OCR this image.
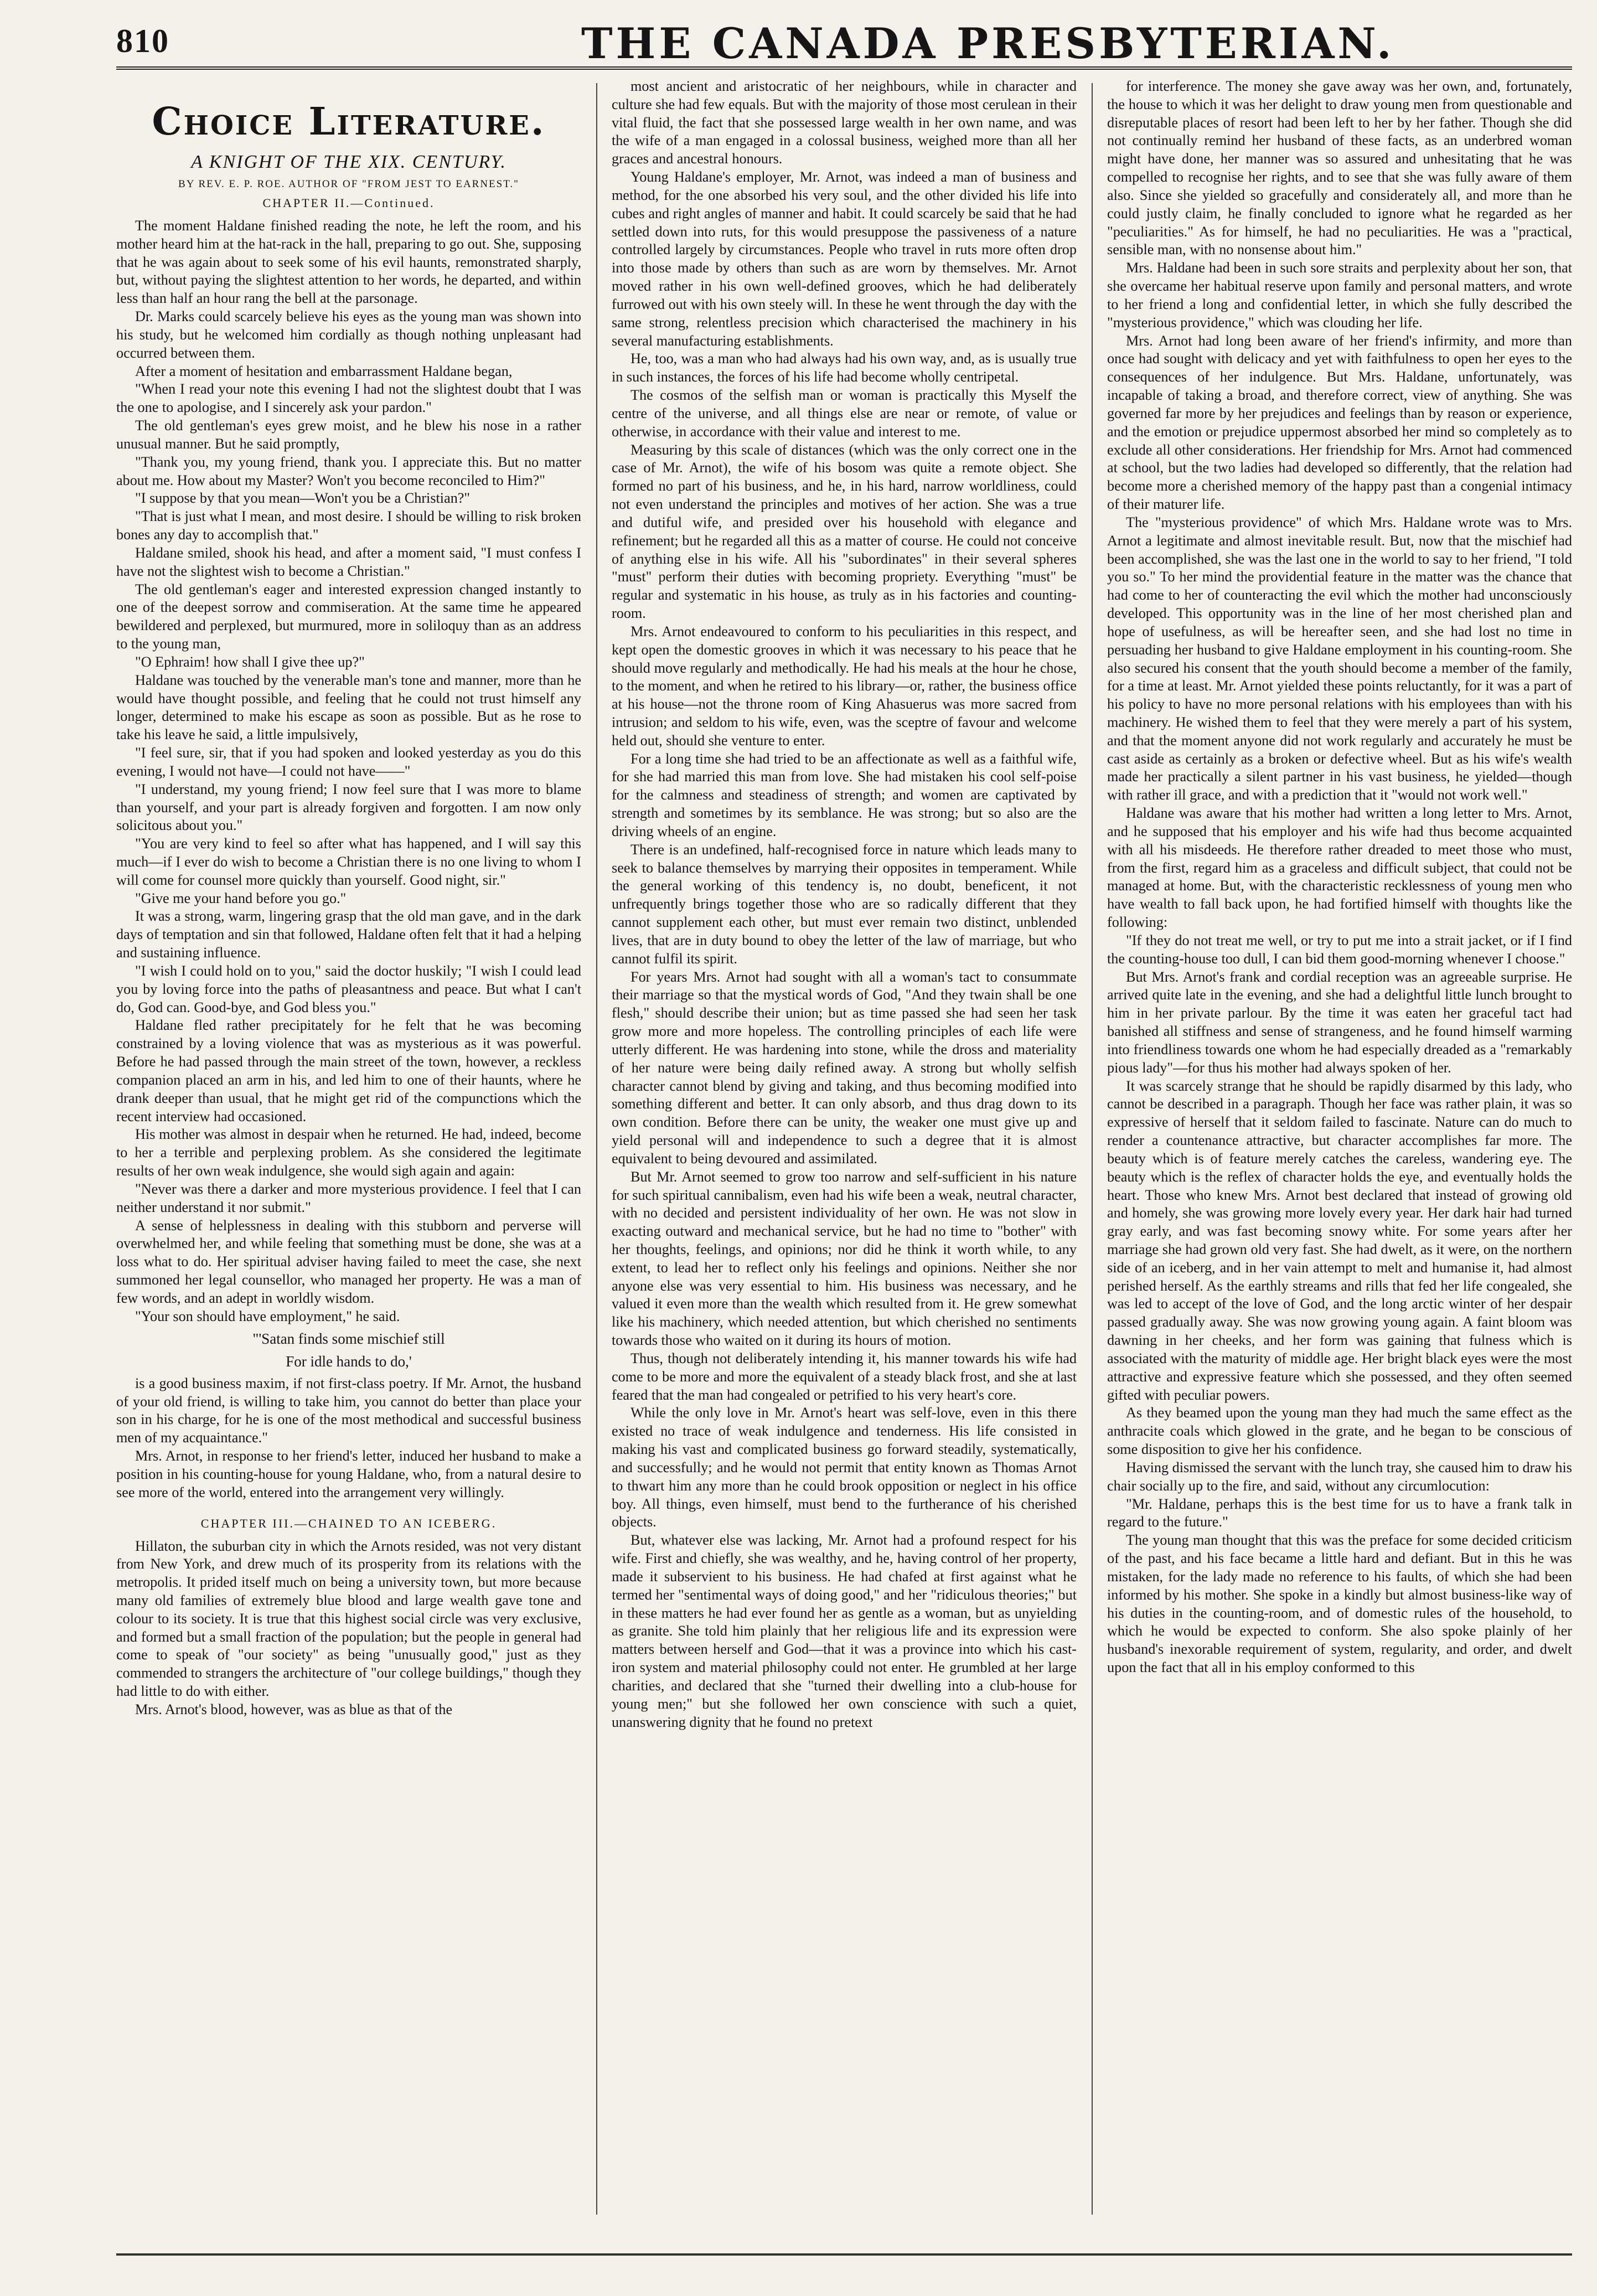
810	THE CANADA PRESBYTERIAN.
Choice Literature.
A KNIGHT OF THE XIX. CENTURY.
BY REV. E. P. ROE. AUTHOR OF "FROM JEST TO EARNEST."
CHAPTER II.—Continued.

The moment Haldane finished reading the note, he left the room, and his mother heard him at the hat-rack in the hall, preparing to go out. She, supposing that he was again about to seek some of his evil haunts, remonstrated sharply, but, without paying the slightest attention to her words, he departed, and within less than half an hour rang the bell at the parsonage.

Dr. Marks could scarcely believe his eyes as the young man was shown into his study, but he welcomed him cordially as though nothing unpleasant had occurred between them.

After a moment of hesitation and embarrassment Haldane began,

"When I read your note this evening I had not the slightest doubt that I was the one to apologise, and I sincerely ask your pardon."

The old gentleman's eyes grew moist, and he blew his nose in a rather unusual manner. But he said promptly,

"Thank you, my young friend, thank you. I appreciate this. But no matter about me. How about my Master? Won't you become reconciled to Him?"

"I suppose by that you mean—Won't you be a Christian?"

"That is just what I mean, and most desire. I should be willing to risk broken bones any day to accomplish that."

Haldane smiled, shook his head, and after a moment said, "I must confess I have not the slightest wish to become a Christian."

The old gentleman's eager and interested expression changed instantly to one of the deepest sorrow and commiseration. At the same time he appeared bewildered and perplexed, but murmured, more in soliloquy than as an address to the young man,

"O Ephraim! how shall I give thee up?"

Haldane was touched by the venerable man's tone and manner, more than he would have thought possible, and feeling that he could not trust himself any longer, determined to make his escape as soon as possible. But as he rose to take his leave he said, a little impulsively,

"I feel sure, sir, that if you had spoken and looked yesterday as you do this evening, I would not have—I could not have——"

"I understand, my young friend; I now feel sure that I was more to blame than yourself, and your part is already forgiven and forgotten. I am now only solicitous about you."

"You are very kind to feel so after what has happened, and I will say this much—if I ever do wish to become a Christian there is no one living to whom I will come for counsel more quickly than yourself. Good night, sir."

"Give me your hand before you go."

It was a strong, warm, lingering grasp that the old man gave, and in the dark days of temptation and sin that followed, Haldane often felt that it had a helping and sustaining influence.

"I wish I could hold on to you," said the doctor huskily; "I wish I could lead you by loving force into the paths of pleasantness and peace. But what I can't do, God can. Good-bye, and God bless you."

Haldane fled rather precipitately for he felt that he was becoming constrained by a loving violence that was as mysterious as it was powerful. Before he had passed through the main street of the town, however, a reckless companion placed an arm in his, and led him to one of their haunts, where he drank deeper than usual, that he might get rid of the compunctions which the recent interview had occasioned.

His mother was almost in despair when he returned. He had, indeed, become to her a terrible and perplexing problem. As she considered the legitimate results of her own weak indulgence, she would sigh again and again:

"Never was there a darker and more mysterious providence. I feel that I can neither understand it nor submit."

A sense of helplessness in dealing with this stubborn and perverse will overwhelmed her, and while feeling that something must be done, she was at a loss what to do. Her spiritual adviser having failed to meet the case, she next summoned her legal counsellor, who managed her property. He was a man of few words, and an adept in worldly wisdom.

"Your son should have employment," he said.

"'Satan finds some mischief still
For idle hands to do,'

is a good business maxim, if not first-class poetry. If Mr. Arnot, the husband of your old friend, is willing to take him, you cannot do better than place your son in his charge, for he is one of the most methodical and successful business men of my acquaintance."

Mrs. Arnot, in response to her friend's letter, induced her husband to make a position in his counting-house for young Haldane, who, from a natural desire to see more of the world, entered into the arrangement very willingly.

CHAPTER III.—CHAINED TO AN ICEBERG.

Hillaton, the suburban city in which the Arnots resided, was not very distant from New York, and drew much of its prosperity from its relations with the metropolis. It prided itself much on being a university town, but more because many old families of extremely blue blood and large wealth gave tone and colour to its society. It is true that this highest social circle was very exclusive, and formed but a small fraction of the population; but the people in general had come to speak of "our society" as being "unusually good," just as they commended to strangers the architecture of "our college buildings," though they had little to do with either.

Mrs. Arnot's blood, however, was as blue as that of the

most ancient and aristocratic of her neighbours, while in character and culture she had few equals. But with the majority of those most cerulean in their vital fluid, the fact that she possessed large wealth in her own name, and was the wife of a man engaged in a colossal business, weighed more than all her graces and ancestral honours.

Young Haldane's employer, Mr. Arnot, was indeed a man of business and method, for the one absorbed his very soul, and the other divided his life into cubes and right angles of manner and habit. It could scarcely be said that he had settled down into ruts, for this would presuppose the passiveness of a nature controlled largely by circumstances. People who travel in ruts more often drop into those made by others than such as are worn by themselves. Mr. Arnot moved rather in his own well-defined grooves, which he had deliberately furrowed out with his own steely will. In these he went through the day with the same strong, relentless precision which characterised the machinery in his several manufacturing establishments.

He, too, was a man who had always had his own way, and, as is usually true in such instances, the forces of his life had become wholly centripetal.

The cosmos of the selfish man or woman is practically this Myself the centre of the universe, and all things else are near or remote, of value or otherwise, in accordance with their value and interest to me.

Measuring by this scale of distances (which was the only correct one in the case of Mr. Arnot), the wife of his bosom was quite a remote object. She formed no part of his business, and he, in his hard, narrow worldliness, could not even understand the principles and motives of her action. She was a true and dutiful wife, and presided over his household with elegance and refinement; but he regarded all this as a matter of course. He could not conceive of anything else in his wife. All his "subordinates" in their several spheres "must" perform their duties with becoming propriety. Everything "must" be regular and systematic in his house, as truly as in his factories and counting-room.

Mrs. Arnot endeavoured to conform to his peculiarities in this respect, and kept open the domestic grooves in which it was necessary to his peace that he should move regularly and methodically. He had his meals at the hour he chose, to the moment, and when he retired to his library—or, rather, the business office at his house—not the throne room of King Ahasuerus was more sacred from intrusion; and seldom to his wife, even, was the sceptre of favour and welcome held out, should she venture to enter.

For a long time she had tried to be an affectionate as well as a faithful wife, for she had married this man from love. She had mistaken his cool self-poise for the calmness and steadiness of strength; and women are captivated by strength and sometimes by its semblance. He was strong; but so also are the driving wheels of an engine.

There is an undefined, half-recognised force in nature which leads many to seek to balance themselves by marrying their opposites in temperament. While the general working of this tendency is, no doubt, beneficent, it not unfrequently brings together those who are so radically different that they cannot supplement each other, but must ever remain two distinct, unblended lives, that are in duty bound to obey the letter of the law of marriage, but who cannot fulfil its spirit.

For years Mrs. Arnot had sought with all a woman's tact to consummate their marriage so that the mystical words of God, "And they twain shall be one flesh," should describe their union; but as time passed she had seen her task grow more and more hopeless. The controlling principles of each life were utterly different. He was hardening into stone, while the dross and materiality of her nature were being daily refined away. A strong but wholly selfish character cannot blend by giving and taking, and thus becoming modified into something different and better. It can only absorb, and thus drag down to its own condition. Before there can be unity, the weaker one must give up and yield personal will and independence to such a degree that it is almost equivalent to being devoured and assimilated.

But Mr. Arnot seemed to grow too narrow and self-sufficient in his nature for such spiritual cannibalism, even had his wife been a weak, neutral character, with no decided and persistent individuality of her own. He was not slow in exacting outward and mechanical service, but he had no time to "bother" with her thoughts, feelings, and opinions; nor did he think it worth while, to any extent, to lead her to reflect only his feelings and opinions. Neither she nor anyone else was very essential to him. His business was necessary, and he valued it even more than the wealth which resulted from it. He grew somewhat like his machinery, which needed attention, but which cherished no sentiments towards those who waited on it during its hours of motion.

Thus, though not deliberately intending it, his manner towards his wife had come to be more and more the equivalent of a steady black frost, and she at last feared that the man had congealed or petrified to his very heart's core.

While the only love in Mr. Arnot's heart was self-love, even in this there existed no trace of weak indulgence and tenderness. His life consisted in making his vast and complicated business go forward steadily, systematically, and successfully; and he would not permit that entity known as Thomas Arnot to thwart him any more than he could brook opposition or neglect in his office boy. All things, even himself, must bend to the furtherance of his cherished objects.

But, whatever else was lacking, Mr. Arnot had a profound respect for his wife. First and chiefly, she was wealthy, and he, having control of her property, made it subservient to his business. He had chafed at first against what he termed her "sentimental ways of doing good," and her "ridiculous theories;" but in these matters he had ever found her as gentle as a woman, but as unyielding as granite. She told him plainly that her religious life and its expression were matters between herself and God—that it was a province into which his cast-iron system and material philosophy could not enter. He grumbled at her large charities, and declared that she "turned their dwelling into a club-house for young men;" but she followed her own conscience with such a quiet, unanswering dignity that he found no pretext

for interference. The money she gave away was her own, and, fortunately, the house to which it was her delight to draw young men from questionable and disreputable places of resort had been left to her by her father. Though she did not continually remind her husband of these facts, as an underbred woman might have done, her manner was so assured and unhesitating that he was compelled to recognise her rights, and to see that she was fully aware of them also. Since she yielded so gracefully and considerately all, and more than he could justly claim, he finally concluded to ignore what he regarded as her "peculiarities." As for himself, he had no peculiarities. He was a "practical, sensible man, with no nonsense about him."

Mrs. Haldane had been in such sore straits and perplexity about her son, that she overcame her habitual reserve upon family and personal matters, and wrote to her friend a long and confidential letter, in which she fully described the "mysterious providence," which was clouding her life.

Mrs. Arnot had long been aware of her friend's infirmity, and more than once had sought with delicacy and yet with faithfulness to open her eyes to the consequences of her indulgence. But Mrs. Haldane, unfortunately, was incapable of taking a broad, and therefore correct, view of anything. She was governed far more by her prejudices and feelings than by reason or experience, and the emotion or prejudice uppermost absorbed her mind so completely as to exclude all other considerations. Her friendship for Mrs. Arnot had commenced at school, but the two ladies had developed so differently, that the relation had become more a cherished memory of the happy past than a congenial intimacy of their maturer life.

The "mysterious providence" of which Mrs. Haldane wrote was to Mrs. Arnot a legitimate and almost inevitable result. But, now that the mischief had been accomplished, she was the last one in the world to say to her friend, "I told you so." To her mind the providential feature in the matter was the chance that had come to her of counteracting the evil which the mother had unconsciously developed. This opportunity was in the line of her most cherished plan and hope of usefulness, as will be hereafter seen, and she had lost no time in persuading her husband to give Haldane employment in his counting-room. She also secured his consent that the youth should become a member of the family, for a time at least. Mr. Arnot yielded these points reluctantly, for it was a part of his policy to have no more personal relations with his employees than with his machinery. He wished them to feel that they were merely a part of his system, and that the moment anyone did not work regularly and accurately he must be cast aside as certainly as a broken or defective wheel. But as his wife's wealth made her practically a silent partner in his vast business, he yielded—though with rather ill grace, and with a prediction that it "would not work well."

Haldane was aware that his mother had written a long letter to Mrs. Arnot, and he supposed that his employer and his wife had thus become acquainted with all his misdeeds. He therefore rather dreaded to meet those who must, from the first, regard him as a graceless and difficult subject, that could not be managed at home. But, with the characteristic recklessness of young men who have wealth to fall back upon, he had fortified himself with thoughts like the following:

"If they do not treat me well, or try to put me into a strait jacket, or if I find the counting-house too dull, I can bid them good-morning whenever I choose."

But Mrs. Arnot's frank and cordial reception was an agreeable surprise. He arrived quite late in the evening, and she had a delightful little lunch brought to him in her private parlour. By the time it was eaten her graceful tact had banished all stiffness and sense of strangeness, and he found himself warming into friendliness towards one whom he had especially dreaded as a "remarkably pious lady"—for thus his mother had always spoken of her.

It was scarcely strange that he should be rapidly disarmed by this lady, who cannot be described in a paragraph. Though her face was rather plain, it was so expressive of herself that it seldom failed to fascinate. Nature can do much to render a countenance attractive, but character accomplishes far more. The beauty which is of feature merely catches the careless, wandering eye. The beauty which is the reflex of character holds the eye, and eventually holds the heart. Those who knew Mrs. Arnot best declared that instead of growing old and homely, she was growing more lovely every year. Her dark hair had turned gray early, and was fast becoming snowy white. For some years after her marriage she had grown old very fast. She had dwelt, as it were, on the northern side of an iceberg, and in her vain attempt to melt and humanise it, had almost perished herself. As the earthly streams and rills that fed her life congealed, she was led to accept of the love of God, and the long arctic winter of her despair passed gradually away. She was now growing young again. A faint bloom was dawning in her cheeks, and her form was gaining that fulness which is associated with the maturity of middle age. Her bright black eyes were the most attractive and expressive feature which she possessed, and they often seemed gifted with peculiar powers.

As they beamed upon the young man they had much the same effect as the anthracite coals which glowed in the grate, and he began to be conscious of some disposition to give her his confidence.

Having dismissed the servant with the lunch tray, she caused him to draw his chair socially up to the fire, and said, without any circumlocution:

"Mr. Haldane, perhaps this is the best time for us to have a frank talk in regard to the future."

The young man thought that this was the preface for some decided criticism of the past, and his face became a little hard and defiant. But in this he was mistaken, for the lady made no reference to his faults, of which she had been informed by his mother. She spoke in a kindly but almost business-like way of his duties in the counting-room, and of domestic rules of the household, to which he would be expected to conform. She also spoke plainly of her husband's inexorable requirement of system, regularity, and order, and dwelt upon the fact that all in his employ conformed to this
